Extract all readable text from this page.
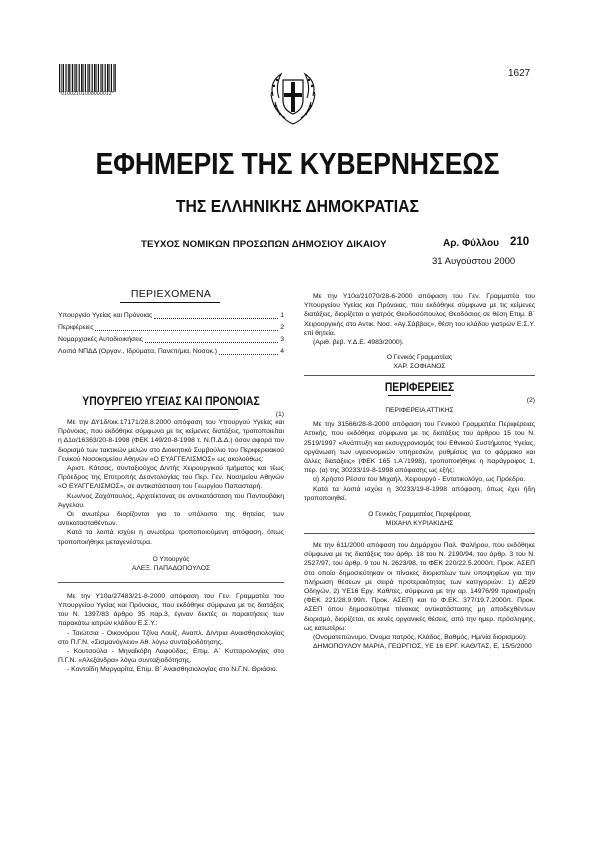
*01002101008000012*
1627
ΕΦΗΜΕΡΙΣ ΤΗΣ ΚΥΒΕΡΝΗΣΕΩΣ
ΤΗΣ ΕΛΛΗΝΙΚΗΣ ΔΗΜΟΚΡΑΤΙΑΣ
ΤΕΥΧΟΣ ΝΟΜΙΚΩΝ ΠΡΟΣΩΠΩΝ ΔΗΜΟΣΙΟΥ ΔΙΚΑΙΟΥ	Αρ. Φύλλου 210
31 Αυγούστου 2000
ΠΕΡΙΕΧΟΜΕΝΑ
Υπουργείο Υγείας και Πρόνοιας	1
Περιφέρειες	2
Νομαρχιακές Αυτοδιοικήσεις	3
Λοιπά ΝΠΔΔ (Οργαν., Ιδρύματα, Πανεπ/μια, Νοσοκ.)	4
ΥΠΟΥΡΓΕΙΟ ΥΓΕΙΑΣ ΚΑΙ ΠΡΟΝΟΙΑΣ
(1)

Με την ΔΥ1δ/οικ.17171/28.8.2000 απόφαση του Υπουργού Υγείας και Πρόνοιας, που εκδόθηκε σύμφωνα με τις κείμενες διατάξεις, τροποποιείται η Δ1α/16363/20-8-1998 (ΦΕΚ 149/20-8-1998 τ. Ν.Π.Δ.Δ.) όσον αφορά τον διορισμό των τακτικών μελών στο Διοικητικό Συμβούλιο του Περιφερειακού Γενικού Νοσοκομείου Αθηνών «Ο ΕΥΑΓΓΕΛΙΣΜΟΣ» ως ακολούθως:

Αριστ. Κάτσας, συνταξιούχος Δ/ντής Χειρουργικού τμήματος και τέως Πρόεδρος της Επιτροπής Δεοντολογίας του Περ. Γεν. Νοσ/μείου Αθηνών «Ο ΕΥΑΓΓΕΛΙΣΜΟΣ», σε αντικατάσταση του Γεωργίου Παπασταρή.

Κων/νος Ζαχόπουλος, Αρχιτέκτονας σε αντικατάσταση του Παντουβάκη Άγγελου.

Οι ανωτέρω διορίζονται για το υπόλοιπο της θητείας των αντικατασταθέντων.

Κατά τα λοιπά ισχύει η ανωτέρω τροποποιούμενη απόφαση, όπως τροποποιήθηκε μεταγενέστερα.

Ο Υπουργός
ΑΛΕΞ. ΠΑΠΑΔΟΠΟΥΛΟΣ

Με την Υ10α/27483/21-8-2000 απόφαση του Γεν. Γραμματέα του Υπουργείου Υγείας και Πρόνοιας, που εκδόθηκε σύμφωνα με τις διατάξεις του Ν. 1397/83 άρθρο 35 παρ.3, έγιναν δεκτές οι παραιτήσεις των παρακάτω ιατρών κλάδου Ε.Σ.Υ.:

- Τσιώτσια - Οικονόμου Τζίνα Λουίζ, Αναπλ. Δ/ντρια Αναισθησιολογίας στο Π.Γ.Ν. «Σισμανόγλειο» Αθ. λόγω συνταξιοδότησης.

- Κουτσούλα - Μηναΐκόβη Λαφούδας, Επιμ. Α΄ Κυτταρολογίας στο Π.Γ.Ν. «Αλεξάνδρα» λόγω συνταξιοδότησης.

- Κοντοΐδη Μαργαρίτα, Επιμ. Β΄ Αναισθησιολογίας στο Ν.Γ.Ν. Θριάσιο.

Με την Υ10α/21070/28-6-2000 απόφαση του Γεν. Γραμματέα του Υπουργείου Υγείας και Πρόνοιας, που εκδόθηκε σύμφωνα με τις κείμενες διατάξεις, διορίζεται ο γιατρός Θεοδοσόπουλος Θεοδόσιος σε θέση Επιμ. Β΄ Χειρουργικής στο Αντικ. Νοσ. «Αγ.Σάββας», θέση του κλάδου γιατρών Ε.Σ.Υ. επί θητεία.

(Αριθ. βεβ. Υ.Δ.Ε. 4983/2000).

Ο Γενικός Γραμματέας
ΧΑΡ. ΣΟΦΙΑΝΟΣ
ΠΕΡΙΦΕΡΕΙΕΣ
(2)
ΠΕΡΙΦΕΡΕΙΑ ΑΤΤΙΚΗΣ

Με την 31566/28-8-2000 απόφαση του Γενικού Γραμματέα Περιφέρειας Αττικής, που εκδόθηκε σύμφωνα με τις διατάξεις του άρθρου 15 του Ν. 2519/1997 «Ανάπτυξη και εκσυγχρονισμός του Εθνικού Συστήματος Υγείας, οργάνωση των υγειονομικών υπηρεσιών, ρυθμίσεις για το φάρμακο και άλλες διατάξεις» (ΦΕΚ 165 τ.Α΄/1998), τροποποιήθηκε η παράγραφος 1, περ. (α) της 30233/19-8-1998 απόφασης ως εξής:

α) Χρήστο Ρέσσο του Μιχαήλ, Χειρουργό - Εντατικολόγο, ως Πρόεδρο.

Κατά τα λοιπά ισχύει η 30233/19-8-1998 απόφαση, όπως έχει ήδη τροποποιηθεί.

Ο Γενικός Γραμματέας Περιφέρειας
ΜΙΧΑΗΛ ΚΥΡΙΑΚΙΔΗΣ

Με την 611/2000 απόφαση του Δημάρχου Παλ. Φαλήρου, που εκδόθηκε σύμφωνα με τις διατάξεις του άρθρ. 18 του Ν. 2190/94, του άρθρ. 3 του Ν. 2527/97, του άρθρ. 9 του Ν. 2623/98, το ΦΕΚ 220/22.5.2000/τ. Προκ. ΑΣΕΠ στο οποίο δημοσιεύτηκαν οι πίνακες διοριστέων των υποψηφίων για την πλήρωση θέσεων με σειρά προτεραιότητας των κατηγοριών: 1) ΔΕ29 Οδηγών, 2) ΥΕ16 Εργ. Καθ/τες, σύμφωνα με την αρ. 14976/99 προκήρυξη (ΦΕΚ 221/28.9.99/τ. Προκ. ΑΣΕΠ) και το Φ.ΕΚ. 377/19.7.2000/τ. Προκ. ΑΣΕΠ όπου δημοσιεύτηκε πίνακας αντικατάστασης μη αποδεχθέντων διορισμό, διορίζεται, σε κενές οργανικές θέσεις, από την ημερ. πρόσληψης, ως κατωτέρω:

(Ονοματεπώνυμο, Όνομα πατρός, Κλάδος, Βαθμός, Ημ/νία διορισμού):

ΔΗΜΟΠΟΥΛΟΥ ΜΑΡΙΑ, ΓΕΩΡΓΙΟΣ, ΥΕ 16 ΕΡΓ. ΚΑΘ/ΤΑΣ, Ε, 15/5/2000
